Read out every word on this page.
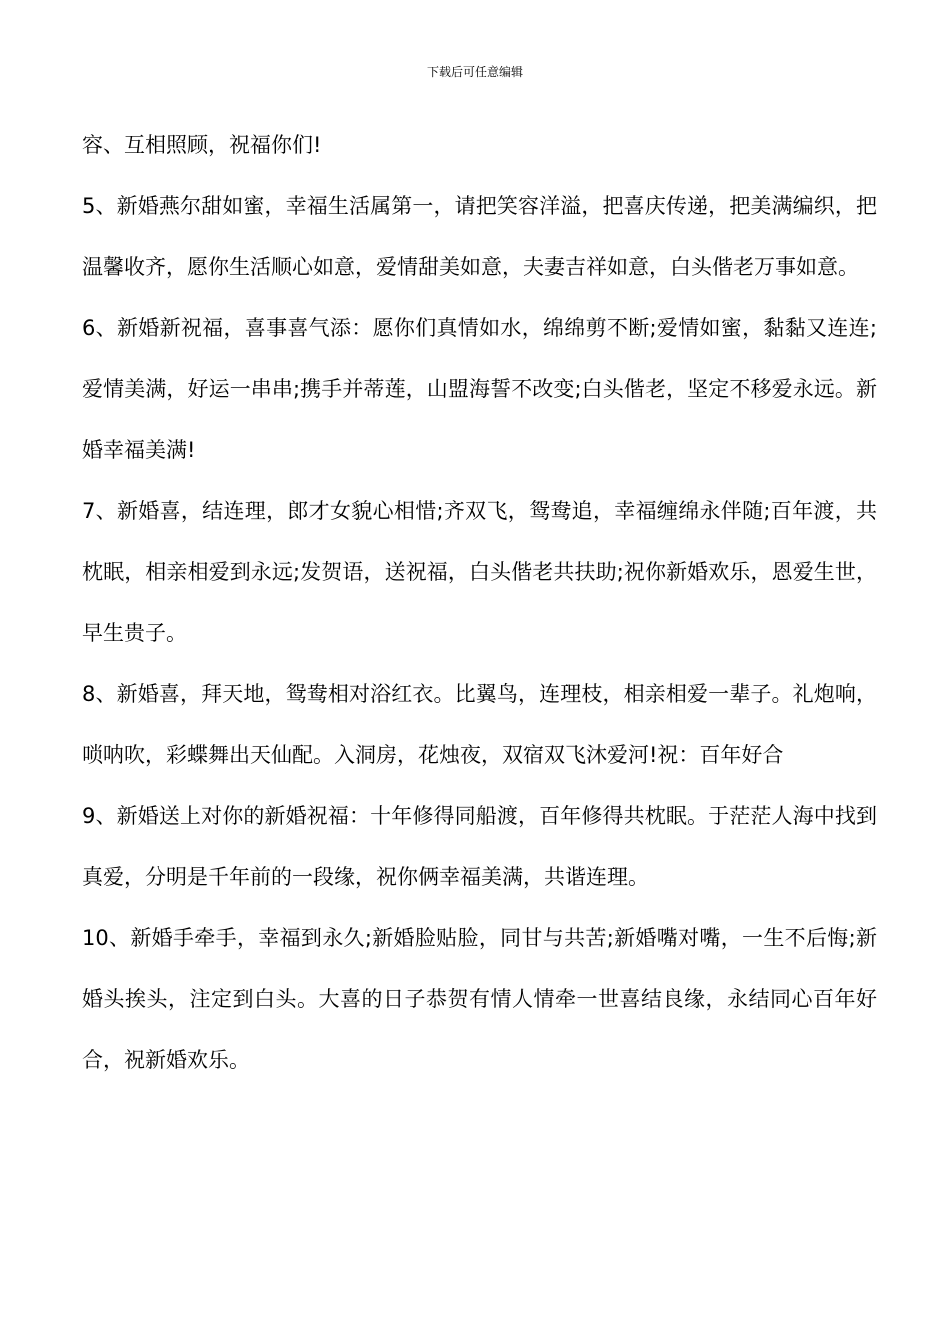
下载后可任意编辑

容、互相照顾，祝福你们!

5、新婚燕尔甜如蜜，幸福生活属第一，请把笑容洋溢，把喜庆传递，把美满编织，把温馨收齐，愿你生活顺心如意，爱情甜美如意，夫妻吉祥如意，白头偕老万事如意。

6、新婚新祝福，喜事喜气添：愿你们真情如水，绵绵剪不断;爱情如蜜，黏黏又连连;爱情美满，好运一串串;携手并蒂莲，山盟海誓不改变;白头偕老，坚定不移爱永远。新婚幸福美满!

7、新婚喜，结连理，郎才女貌心相惜;齐双飞，鸳鸯追，幸福缠绵永伴随;百年渡，共枕眠，相亲相爱到永远;发贺语，送祝福，白头偕老共扶助;祝你新婚欢乐，恩爱生世，早生贵子。

8、新婚喜，拜天地，鸳鸯相对浴红衣。比翼鸟，连理枝，相亲相爱一辈子。礼炮响，唢呐吹，彩蝶舞出天仙配。入洞房，花烛夜，双宿双飞沐爱河!祝：百年好合

9、新婚送上对你的新婚祝福：十年修得同船渡，百年修得共枕眠。于茫茫人海中找到真爱，分明是千年前的一段缘，祝你俩幸福美满，共谐连理。

10、新婚手牵手，幸福到永久;新婚脸贴脸，同甘与共苦;新婚嘴对嘴，一生不后悔;新婚头挨头，注定到白头。大喜的日子恭贺有情人情牵一世喜结良缘，永结同心百年好合，祝新婚欢乐。
